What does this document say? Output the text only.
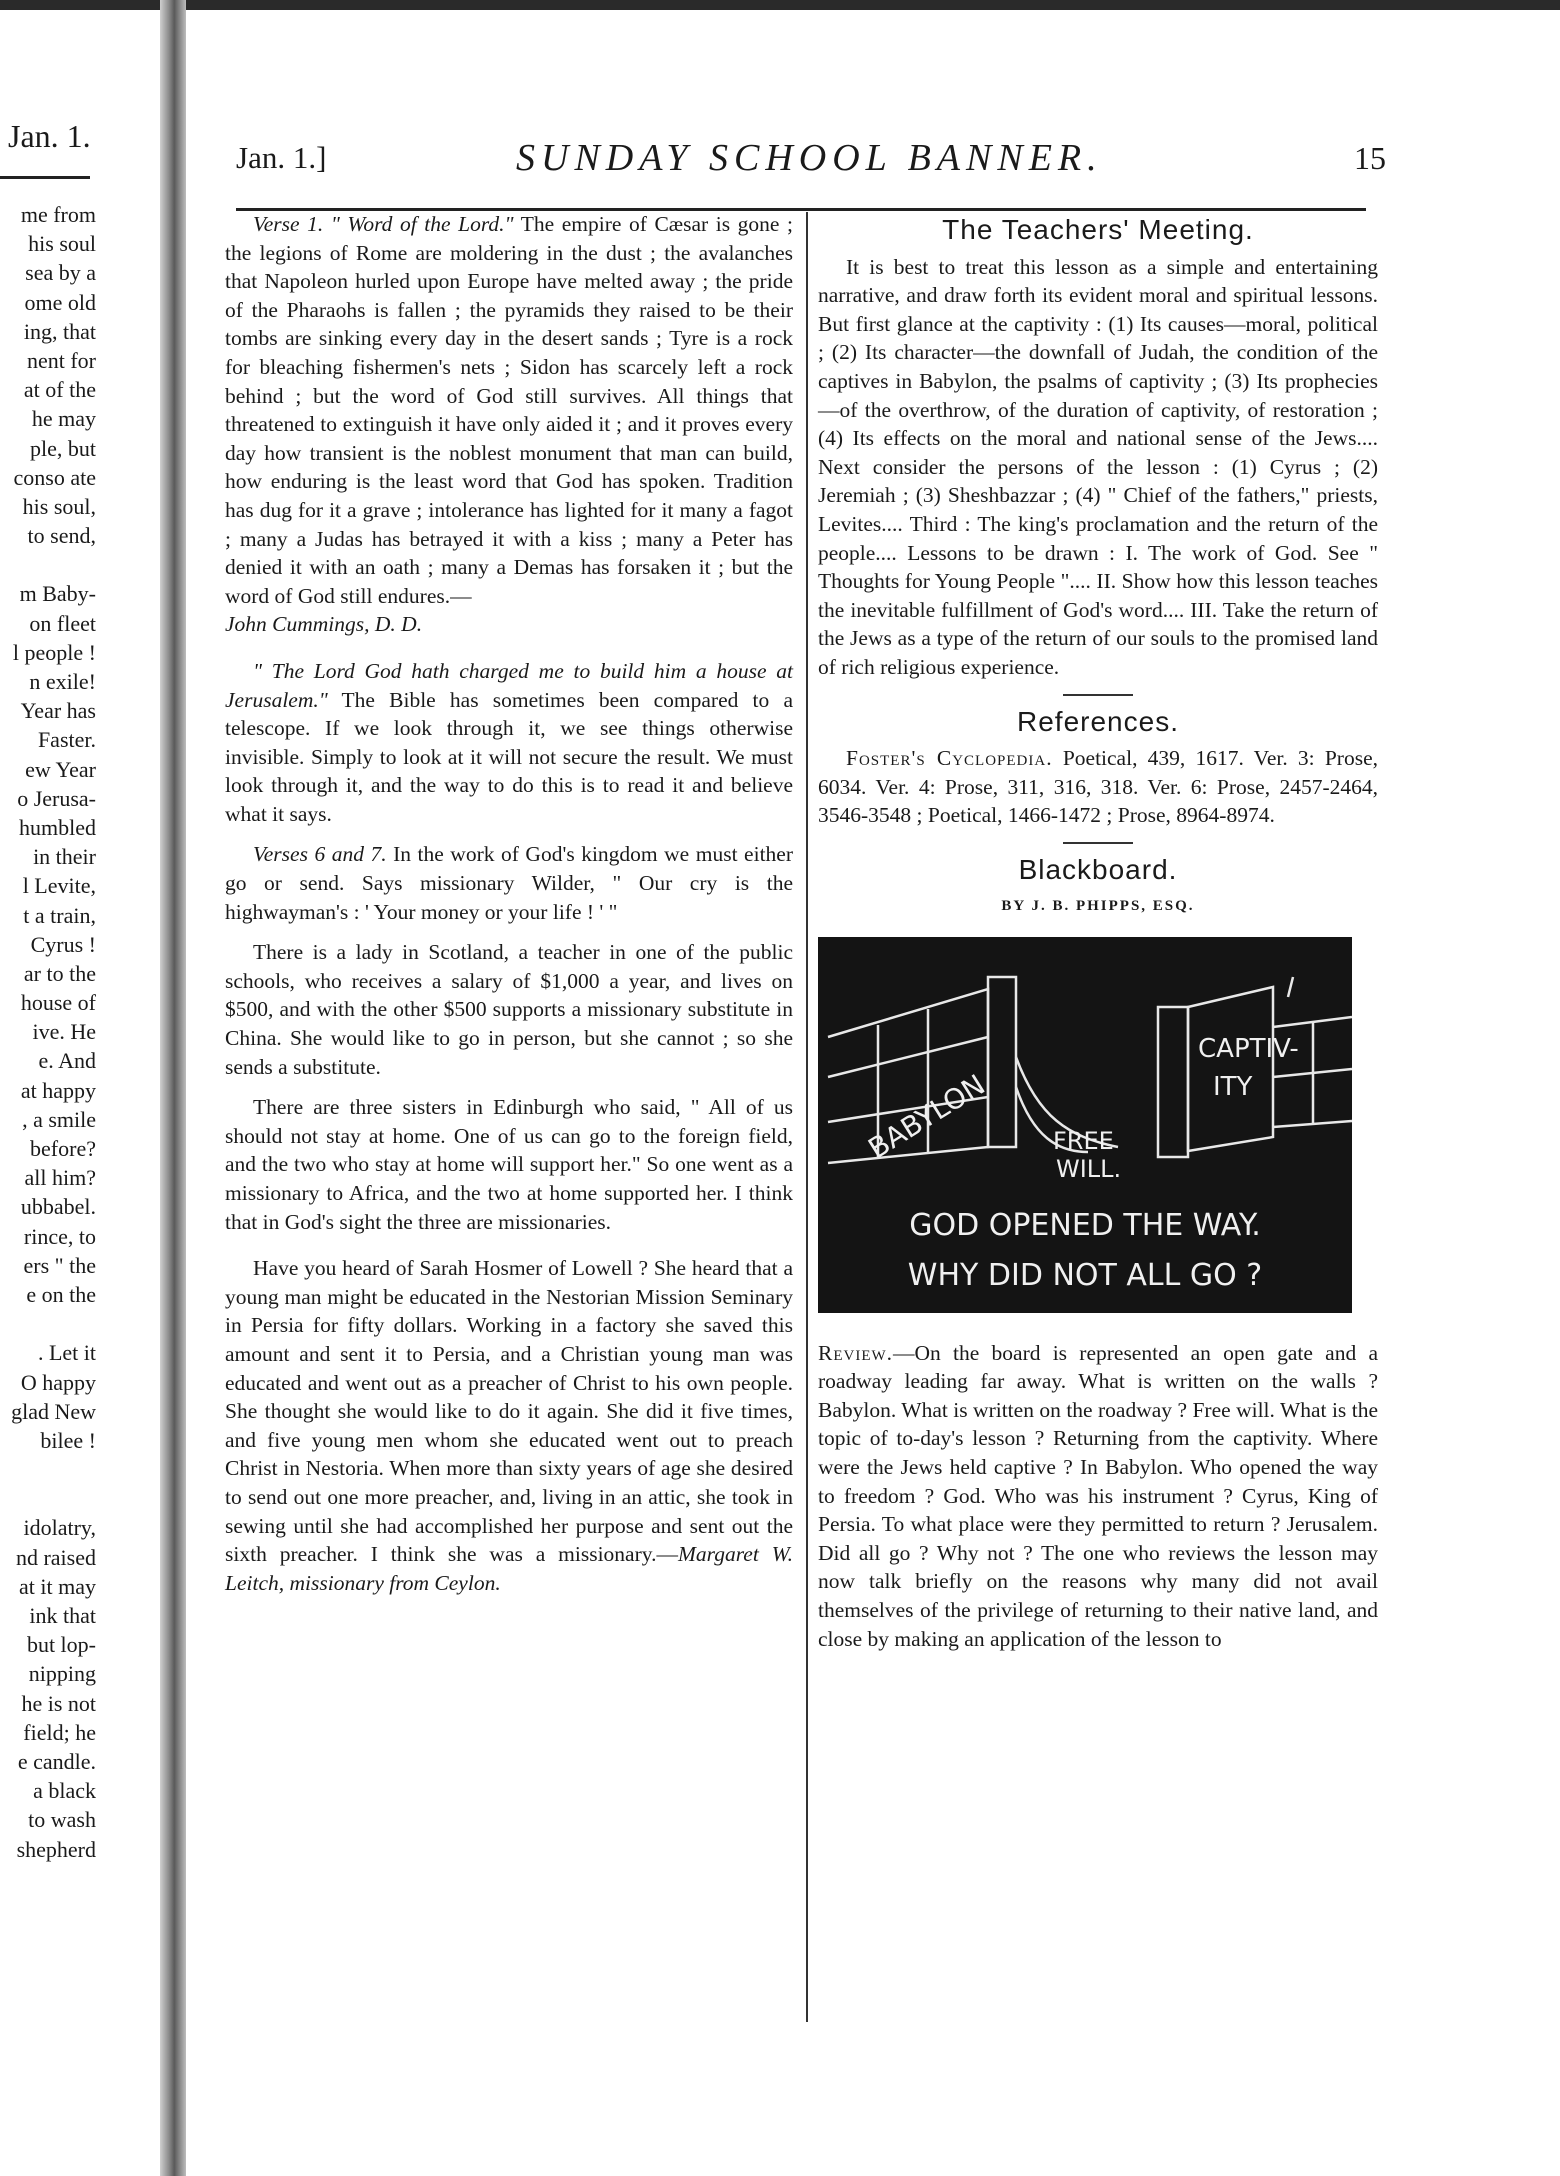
Jan. 1.
me from
his soul
sea by a
ome old
ing, that
nent for
at of the
he may
ple, but
conso ate
his soul,
to send,
m Baby-
on fleet
l people !
n exile!
Year has
Faster.
ew Year
o Jerusa-
humbled
in their
l Levite,
t a train,
Cyrus !
ar to the
house of
ive. He
e. And
at happy
, a smile
before?
all him?
ubbabel.
rince, to
ers " the
e on the
. Let it
O happy
glad New
bilee !
idolatry,
nd raised
at it may
ink that
but lop-
nipping
he is not
field; he
e candle.
a black
to wash
shepherd
Jan. 1.]	SUNDAY SCHOOL BANNER.	15

Verse 1. " Word of the Lord." The empire of Cæsar is gone ; the legions of Rome are moldering in the dust ; the avalanches that Napoleon hurled upon Europe have melted away ; the pride of the Pharaohs is fallen ; the pyramids they raised to be their tombs are sinking every day in the desert sands ; Tyre is a rock for bleaching fishermen's nets ; Sidon has scarcely left a rock behind ; but the word of God still survives. All things that threatened to extinguish it have only aided it ; and it proves every day how transient is the noblest monument that man can build, how enduring is the least word that God has spoken. Tradition has dug for it a grave ; intolerance has lighted for it many a fagot ; many a Judas has betrayed it with a kiss ; many a Peter has denied it with an oath ; many a Demas has forsaken it ; but the word of God still endures.—
John Cummings, D. D.

" The Lord God hath charged me to build him a house at Jerusalem." The Bible has sometimes been compared to a telescope. If we look through it, we see things otherwise invisible. Simply to look at it will not secure the result. We must look through it, and the way to do this is to read it and believe what it says.

Verses 6 and 7. In the work of God's kingdom we must either go or send. Says missionary Wilder, " Our cry is the highwayman's : ' Your money or your life ! ' "

There is a lady in Scotland, a teacher in one of the public schools, who receives a salary of $1,000 a year, and lives on $500, and with the other $500 supports a missionary substitute in China. She would like to go in person, but she cannot ; so she sends a substitute.

There are three sisters in Edinburgh who said, " All of us should not stay at home. One of us can go to the foreign field, and the two who stay at home will support her." So one went as a missionary to Africa, and the two at home supported her. I think that in God's sight the three are missionaries.

Have you heard of Sarah Hosmer of Lowell ? She heard that a young man might be educated in the Nestorian Mission Seminary in Persia for fifty dollars. Working in a factory she saved this amount and sent it to Persia, and a Christian young man was educated and went out as a preacher of Christ to his own people. She thought she would like to do it again. She did it five times, and five young men whom she educated went out to preach Christ in Nestoria. When more than sixty years of age she desired to send out one more preacher, and, living in an attic, she took in sewing until she had accomplished her purpose and sent out the sixth preacher. I think she was a missionary.—Margaret W. Leitch, missionary from Ceylon.

The Teachers' Meeting.

It is best to treat this lesson as a simple and entertaining narrative, and draw forth its evident moral and spiritual lessons. But first glance at the captivity : (1) Its causes—moral, political ; (2) Its character—the downfall of Judah, the condition of the captives in Babylon, the psalms of captivity ; (3) Its prophecies—of the overthrow, of the duration of captivity, of restoration ; (4) Its effects on the moral and national sense of the Jews.... Next consider the persons of the lesson : (1) Cyrus ; (2) Jeremiah ; (3) Sheshbazzar ; (4) " Chief of the fathers," priests, Levites.... Third : The king's proclamation and the return of the people.... Lessons to be drawn : I. The work of God. See " Thoughts for Young People ".... II. Show how this lesson teaches the inevitable fulfillment of God's word.... III. Take the return of the Jews as a type of the return of our souls to the promised land of rich religious experience.

References.

Foster's Cyclopedia. Poetical, 439, 1617. Ver. 3: Prose, 6034. Ver. 4: Prose, 311, 316, 318. Ver. 6: Prose, 2457-2464, 3546-3548 ; Poetical, 1466-1472 ; Prose, 8964-8974.

Blackboard.
BY J. B. PHIPPS, ESQ.
BABYLON
CAPTIV-
ITY
FREE
WILL.
GOD OPENED THE WAY.
WHY DID NOT ALL GO ?

Review.—On the board is represented an open gate and a roadway leading far away. What is written on the walls ? Babylon. What is written on the roadway ? Free will. What is the topic of to-day's lesson ? Returning from the captivity. Where were the Jews held captive ? In Babylon. Who opened the way to freedom ? God. Who was his instrument ? Cyrus, King of Persia. To what place were they permitted to return ? Jerusalem. Did all go ? Why not ? The one who reviews the lesson may now talk briefly on the reasons why many did not avail themselves of the privilege of returning to their native land, and close by making an application of the lesson to
